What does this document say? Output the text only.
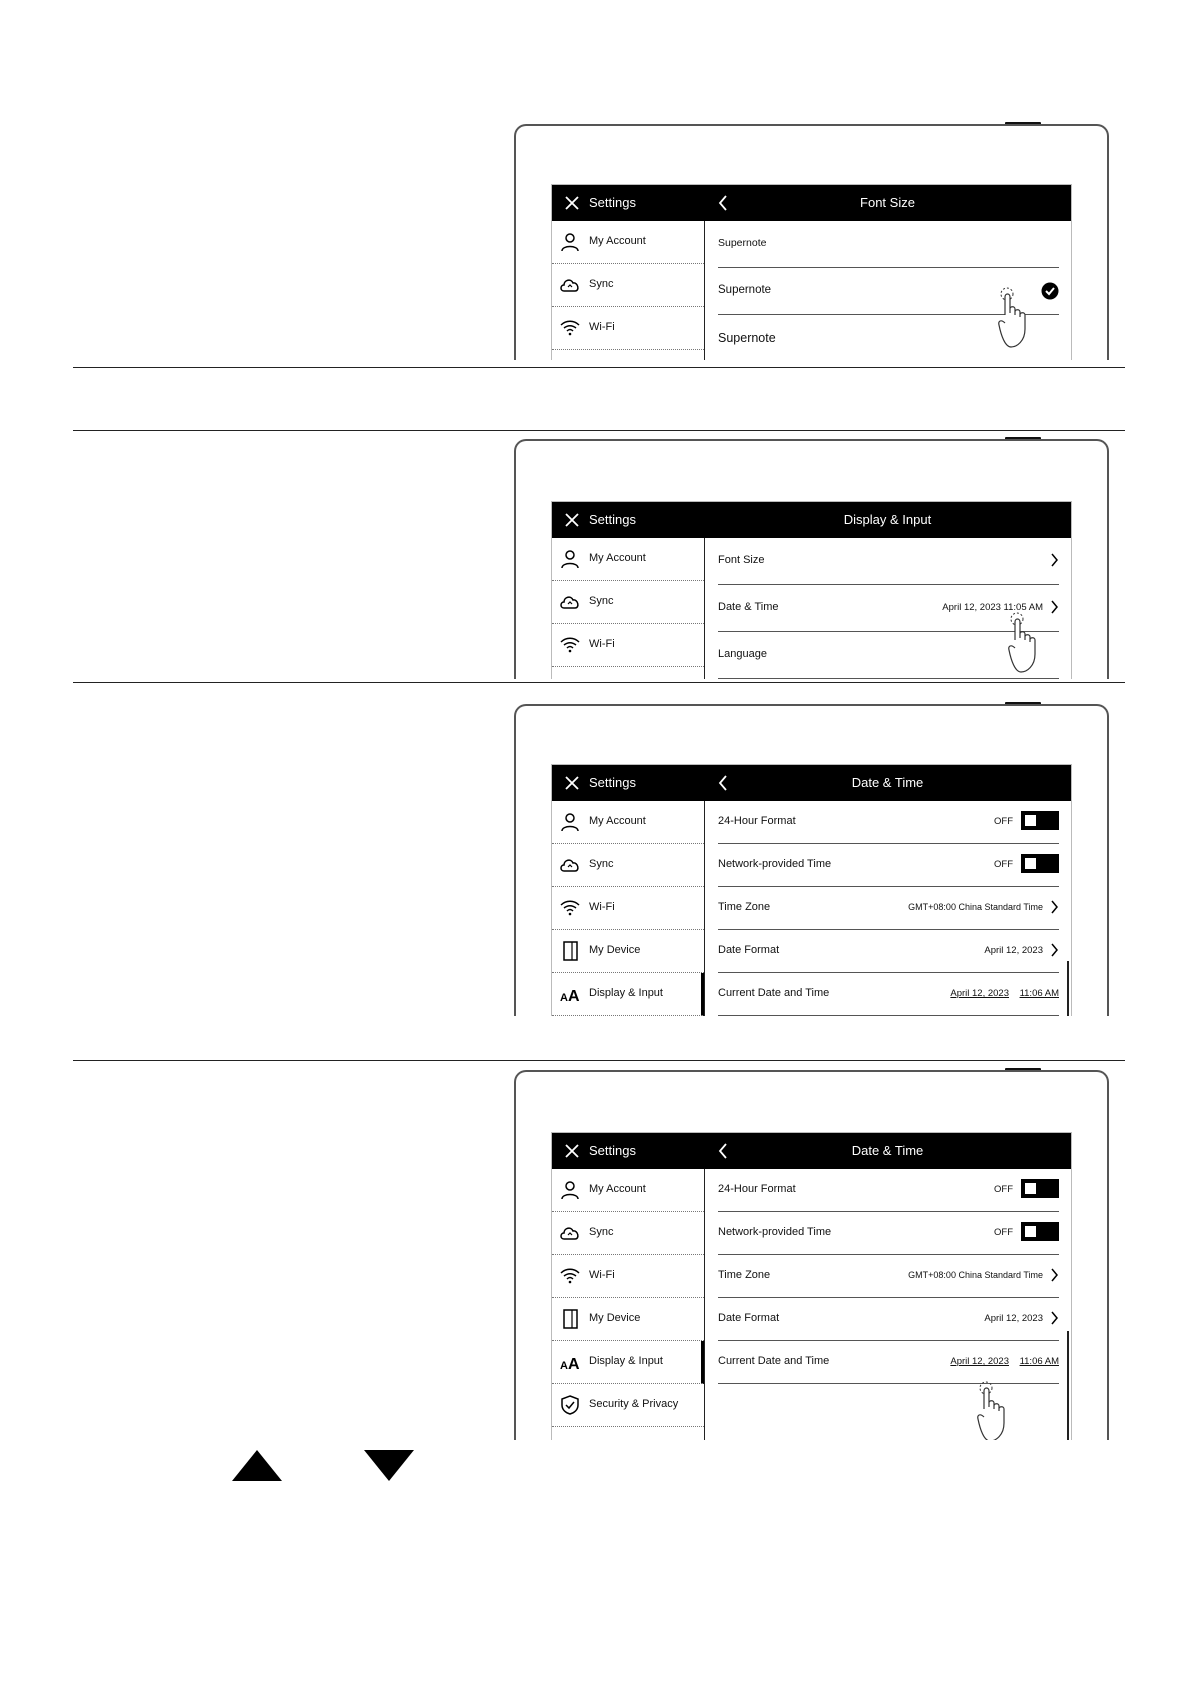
Settings	Font Size
My Account
Sync
Wi-Fi
Supernote
Supernote
Supernote
Settings	Display & Input
My Account
Sync
Wi-Fi
Font Size
Date & Time	April 12, 2023 11:05 AM
Language
Settings	Date & Time
My Account
Sync
Wi-Fi
My Device
A A Display & Input
24-Hour Format	OFF
Network-provided Time	OFF
Time Zone	GMT+08:00 China Standard Time
Date Format	April 12, 2023
Current Date and Time	April 12, 2023 11:06 AM
Settings	Date & Time
My Account
Sync
Wi-Fi
My Device
A A Display & Input
Security & Privacy
24-Hour Format	OFF
Network-provided Time	OFF
Time Zone	GMT+08:00 China Standard Time
Date Format	April 12, 2023
Current Date and Time	April 12, 2023 11:06 AM
